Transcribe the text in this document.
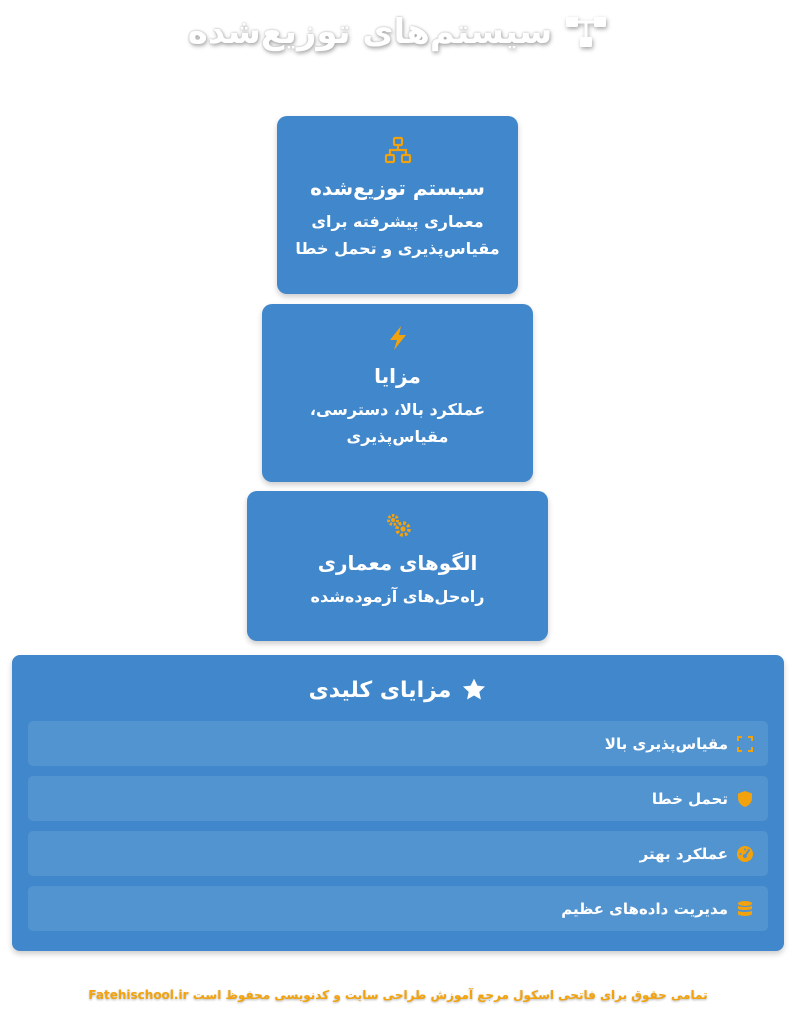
سیستم‌های توزیع‌شده
سیستم توزیع‌شده

معماری پیشرفته برای مقیاس‌پذیری و تحمل خطا

مزایا

عملکرد بالا، دسترسی، مقیاس‌پذیری

الگوهای معماری

راه‌حل‌های آزموده‌شده

مزایای کلیدی
مقیاس‌پذیری بالا
تحمل خطا
عملکرد بهتر
مدیریت داده‌های عظیم
تمامی حقوق برای فاتحی اسکول مرجع آموزش طراحی سایت و کدنویسی محفوظ است Fatehischool.ir
